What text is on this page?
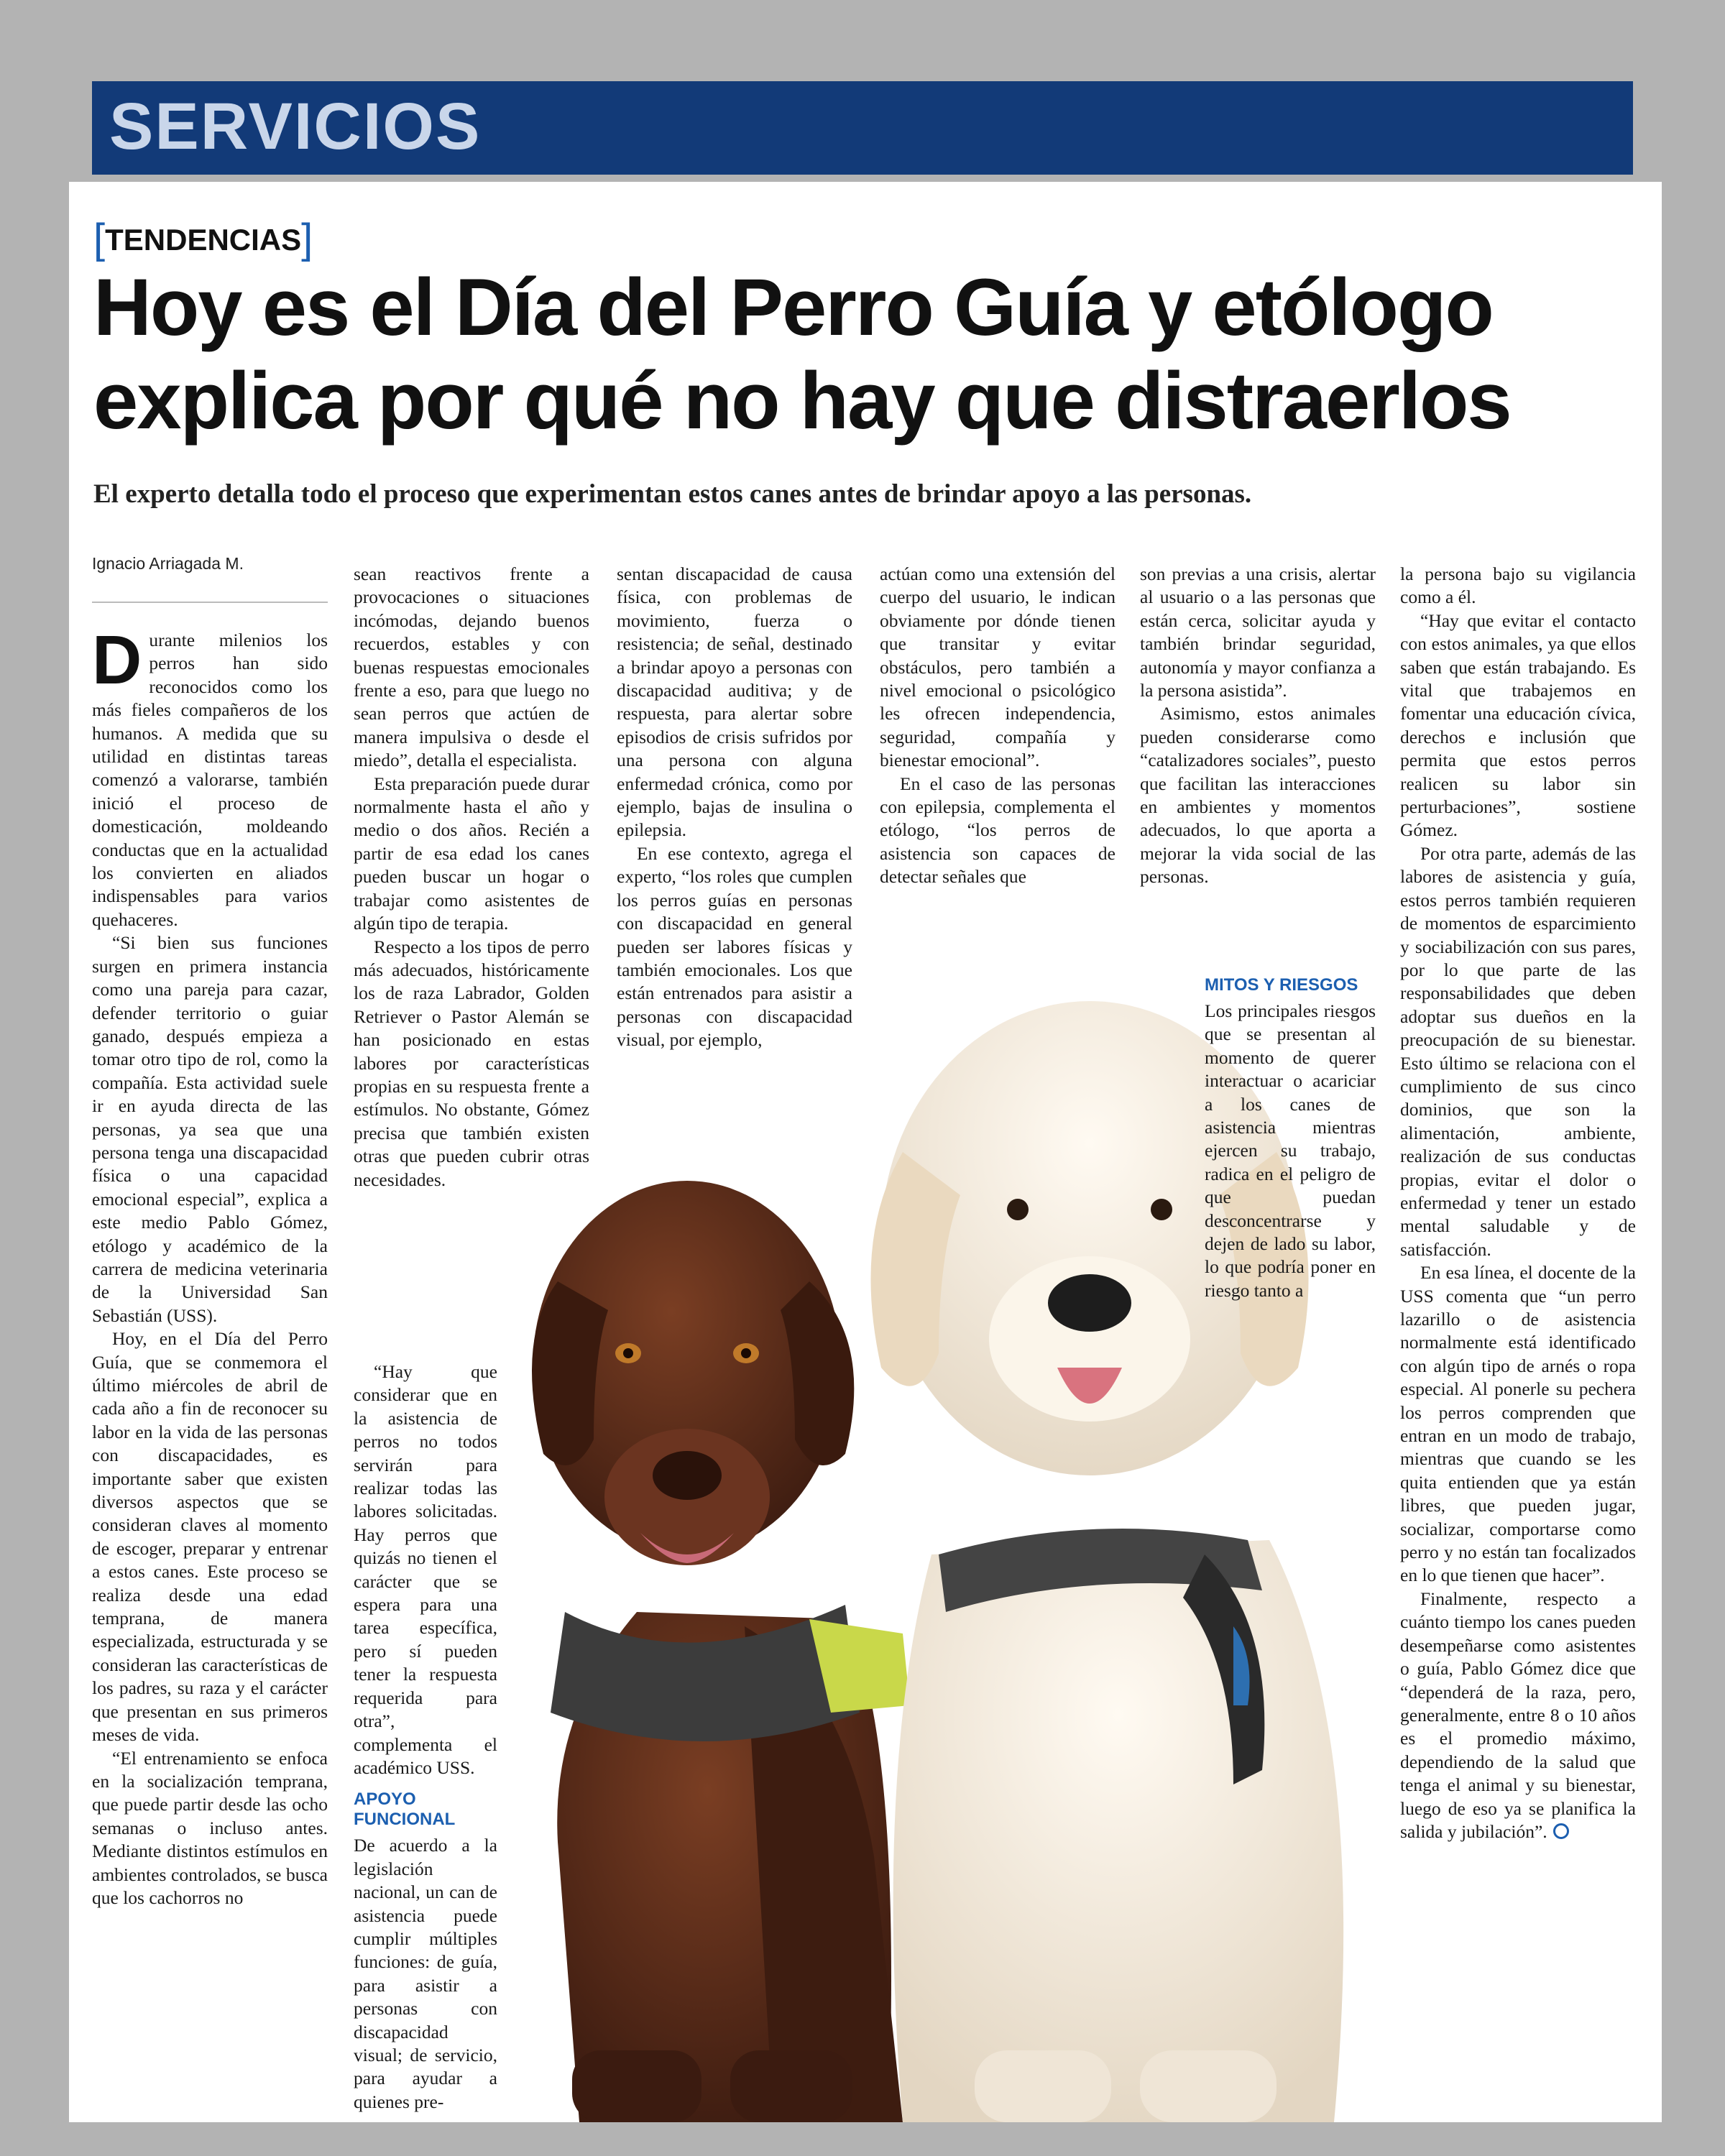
SERVICIOS
[TENDENCIAS]
Hoy es el Día del Perro Guía y etólogo explica por qué no hay que distraerlos
El experto detalla todo el proceso que experimentan estos canes antes de brindar apoyo a las personas.
Ignacio Arriagada M.

Durante milenios los perros han sido reconocidos como los más fieles compañeros de los humanos. A medida que su utilidad en distintas tareas comenzó a valorarse, también inició el proceso de domesticación, moldeando conductas que en la actualidad los convierten en aliados indispensables para varios quehaceres.

“Si bien sus funciones surgen en primera instancia como una pareja para cazar, defender territorio o guiar ganado, después empieza a tomar otro tipo de rol, como la compañía. Esta actividad suele ir en ayuda directa de las personas, ya sea que una persona tenga una discapacidad física o una capacidad emocional especial”, explica a este medio Pablo Gómez, etólogo y académico de la carrera de medicina veterinaria de la Universidad San Sebastián (USS).

Hoy, en el Día del Perro Guía, que se conmemora el último miércoles de abril de cada año a fin de reconocer su labor en la vida de las personas con discapacidades, es importante saber que existen diversos aspectos que se consideran claves al momento de escoger, preparar y entrenar a estos canes. Este proceso se realiza desde una edad temprana, de manera especializada, estructurada y se consideran las características de los padres, su raza y el carácter que presentan en sus primeros meses de vida.

“El entrenamiento se enfoca en la socialización temprana, que puede partir desde las ocho semanas o incluso antes. Mediante distintos estímulos en ambientes controlados, se busca que los cachorros no

sean reactivos frente a provocaciones o situaciones incómodas, dejando buenos recuerdos, estables y con buenas respuestas emocionales frente a eso, para que luego no sean perros que actúen de manera impulsiva o desde el miedo”, detalla el especialista.

Esta preparación puede durar normalmente hasta el año y medio o dos años. Recién a partir de esa edad los canes pueden buscar un hogar o trabajar como asistentes de algún tipo de terapia.

Respecto a los tipos de perro más adecuados, históricamente los de raza Labrador, Golden Retriever o Pastor Alemán se han posicionado en estas labores por características propias en su respuesta frente a estímulos. No obstante, Gómez precisa que también existen otras que pueden cubrir otras necesidades.

“Hay que considerar que en la asistencia de perros no todos servirán para realizar todas las labores solicitadas. Hay perros que quizás no tienen el carácter que se espera para una tarea específica, pero sí pueden tener la respuesta requerida para otra”, complementa el académico USS.

APOYO FUNCIONAL

De acuerdo a la legislación nacional, un can de asistencia puede cumplir múltiples funciones: de guía, para asistir a personas con discapacidad visual; de servicio, para ayudar a quienes pre-

sentan discapacidad de causa física, con problemas de movimiento, fuerza o resistencia; de señal, destinado a brindar apoyo a personas con discapacidad auditiva; y de respuesta, para alertar sobre episodios de crisis sufridos por una persona con alguna enfermedad crónica, como por ejemplo, bajas de insulina o epilepsia.

En ese contexto, agrega el experto, “los roles que cumplen los perros guías en personas con discapacidad en general pueden ser labores físicas y también emocionales. Los que están entrenados para asistir a personas con discapacidad visual, por ejemplo,

actúan como una extensión del cuerpo del usuario, le indican obviamente por dónde tienen que transitar y evitar obstáculos, pero también a nivel emocional o psicológico les ofrecen independencia, seguridad, compañía y bienestar emocional”.

En el caso de las personas con epilepsia, complementa el etólogo, “los perros de asistencia son capaces de detectar señales que

son previas a una crisis, alertar al usuario o a las personas que están cerca, solicitar ayuda y también brindar seguridad, autonomía y mayor confianza a la persona asistida”.

Asimismo, estos animales pueden considerarse como “catalizadores sociales”, puesto que facilitan las interacciones en ambientes y momentos adecuados, lo que aporta a mejorar la vida social de las personas.

MITOS Y RIESGOS

Los principales riesgos que se presentan al momento de querer interactuar o acariciar a los canes de asistencia mientras ejercen su trabajo, radica en el peligro de que puedan desconcentrarse y dejen de lado su labor, lo que podría poner en riesgo tanto a

la persona bajo su vigilancia como a él.

“Hay que evitar el contacto con estos animales, ya que ellos saben que están trabajando. Es vital que trabajemos en fomentar una educación cívica, derechos e inclusión que permita que estos perros realicen su labor sin perturbaciones”, sostiene Gómez.

Por otra parte, además de las labores de asistencia y guía, estos perros también requieren de momentos de esparcimiento y sociabilización con sus pares, por lo que parte de las responsabilidades que deben adoptar sus dueños en la preocupación de su bienestar. Esto último se relaciona con el cumplimiento de sus cinco dominios, que son la alimentación, ambiente, realización de sus conductas propias, evitar el dolor o enfermedad y tener un estado mental saludable y de satisfacción.

En esa línea, el docente de la USS comenta que “un perro lazarillo o de asistencia normalmente está identificado con algún tipo de arnés o ropa especial. Al ponerle su pechera los perros comprenden que entran en un modo de trabajo, mientras que cuando se les quita entienden que ya están libres, que pueden jugar, socializar, comportarse como perro y no están tan focalizados en lo que tienen que hacer”.

Finalmente, respecto a cuánto tiempo los canes pueden desempeñarse como asistentes o guía, Pablo Gómez dice que “dependerá de la raza, pero, generalmente, entre 8 o 10 años es el promedio máximo, dependiendo de la salud que tenga el animal y su bienestar, luego de eso ya se planifica la salida y jubilación”.
